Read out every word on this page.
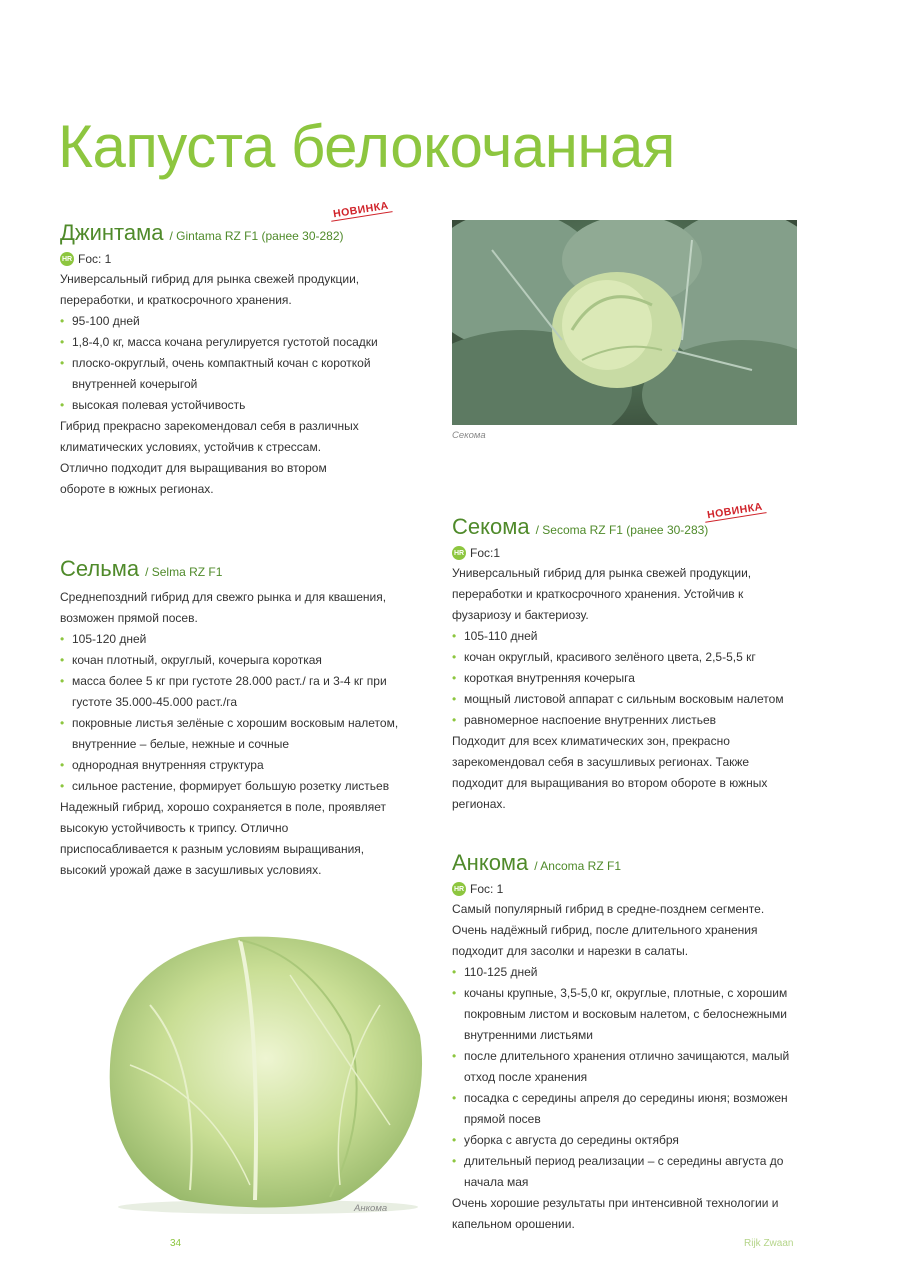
Капуста белокочанная
Джинтама / Gintama RZ F1 (ранее 30-282)
НОВИНКА
HR Foc: 1

Универсальный гибрид для рынка свежей продукции, переработки, и краткосрочного хранения.

• 95-100 дней
• 1,8-4,0 кг, масса кочана регулируется густотой посадки
• плоско-округлый, очень компактный кочан с короткой внутренней кочерыгой
• высокая полевая устойчивость

Гибрид прекрасно зарекомендовал себя в различных климатических условиях, устойчив к стрессам. Отлично подходит для выращивания во втором обороте в южных регионах.

Сельма / Selma RZ F1

Среднепоздний гибрид для свежго рынка и для квашения, возможен прямой посев.

• 105-120 дней
• кочан плотный, округлый, кочерыга короткая
• масса более 5 кг при густоте 28.000 раст./ га и 3-4 кг при густоте 35.000-45.000 раст./га
• покровные листья зелёные с хорошим восковым налетом, внутренние – белые, нежные и сочные
• однородная внутренняя структура
• сильное растение, формирует большую розетку листьев

Надежный гибрид, хорошо сохраняется в поле, проявляет высокую устойчивость к трипсу. Отлично приспосабливается к разным условиям выращивания, высокий урожай даже в засушливых условиях.

Секома
Секома / Secoma RZ F1 (ранее 30-283)
НОВИНКА
HR Foc:1

Универсальный гибрид для рынка свежей продукции, переработки и краткосрочного хранения. Устойчив к фузариозу и бактериозу.

• 105-110 дней
• кочан округлый, красивого зелёного цвета, 2,5-5,5 кг
• короткая внутренняя кочерыга
• мощный листовой аппарат с сильным восковым налетом
• равномерное наспоение внутренних листьев

Подходит для всех климатических зон, прекрасно зарекомендовал себя в засушливых регионах. Также подходит для выращивания во втором обороте в южных регионах.

Анкома / Ancoma RZ F1
HR Foc: 1

Самый популярный гибрид в средне-позднем сегменте. Очень надёжный гибрид, после длительного хранения подходит для засолки и нарезки в салаты.

• 110-125 дней
• кочаны крупные, 3,5-5,0 кг, округлые, плотные, с хорошим покровным листом и восковым налетом, с белоснежными внутренними листьями
• после длительного хранения отлично зачищаются, малый отход после хранения
• посадка с середины апреля до середины июня; возможен прямой посев
• уборка с августа до середины октября
• длительный период реализации – с середины августа до начала мая

Очень хорошие результаты при интенсивной технологии и капельном орошении.

Анкома
34	Rijk Zwaan
